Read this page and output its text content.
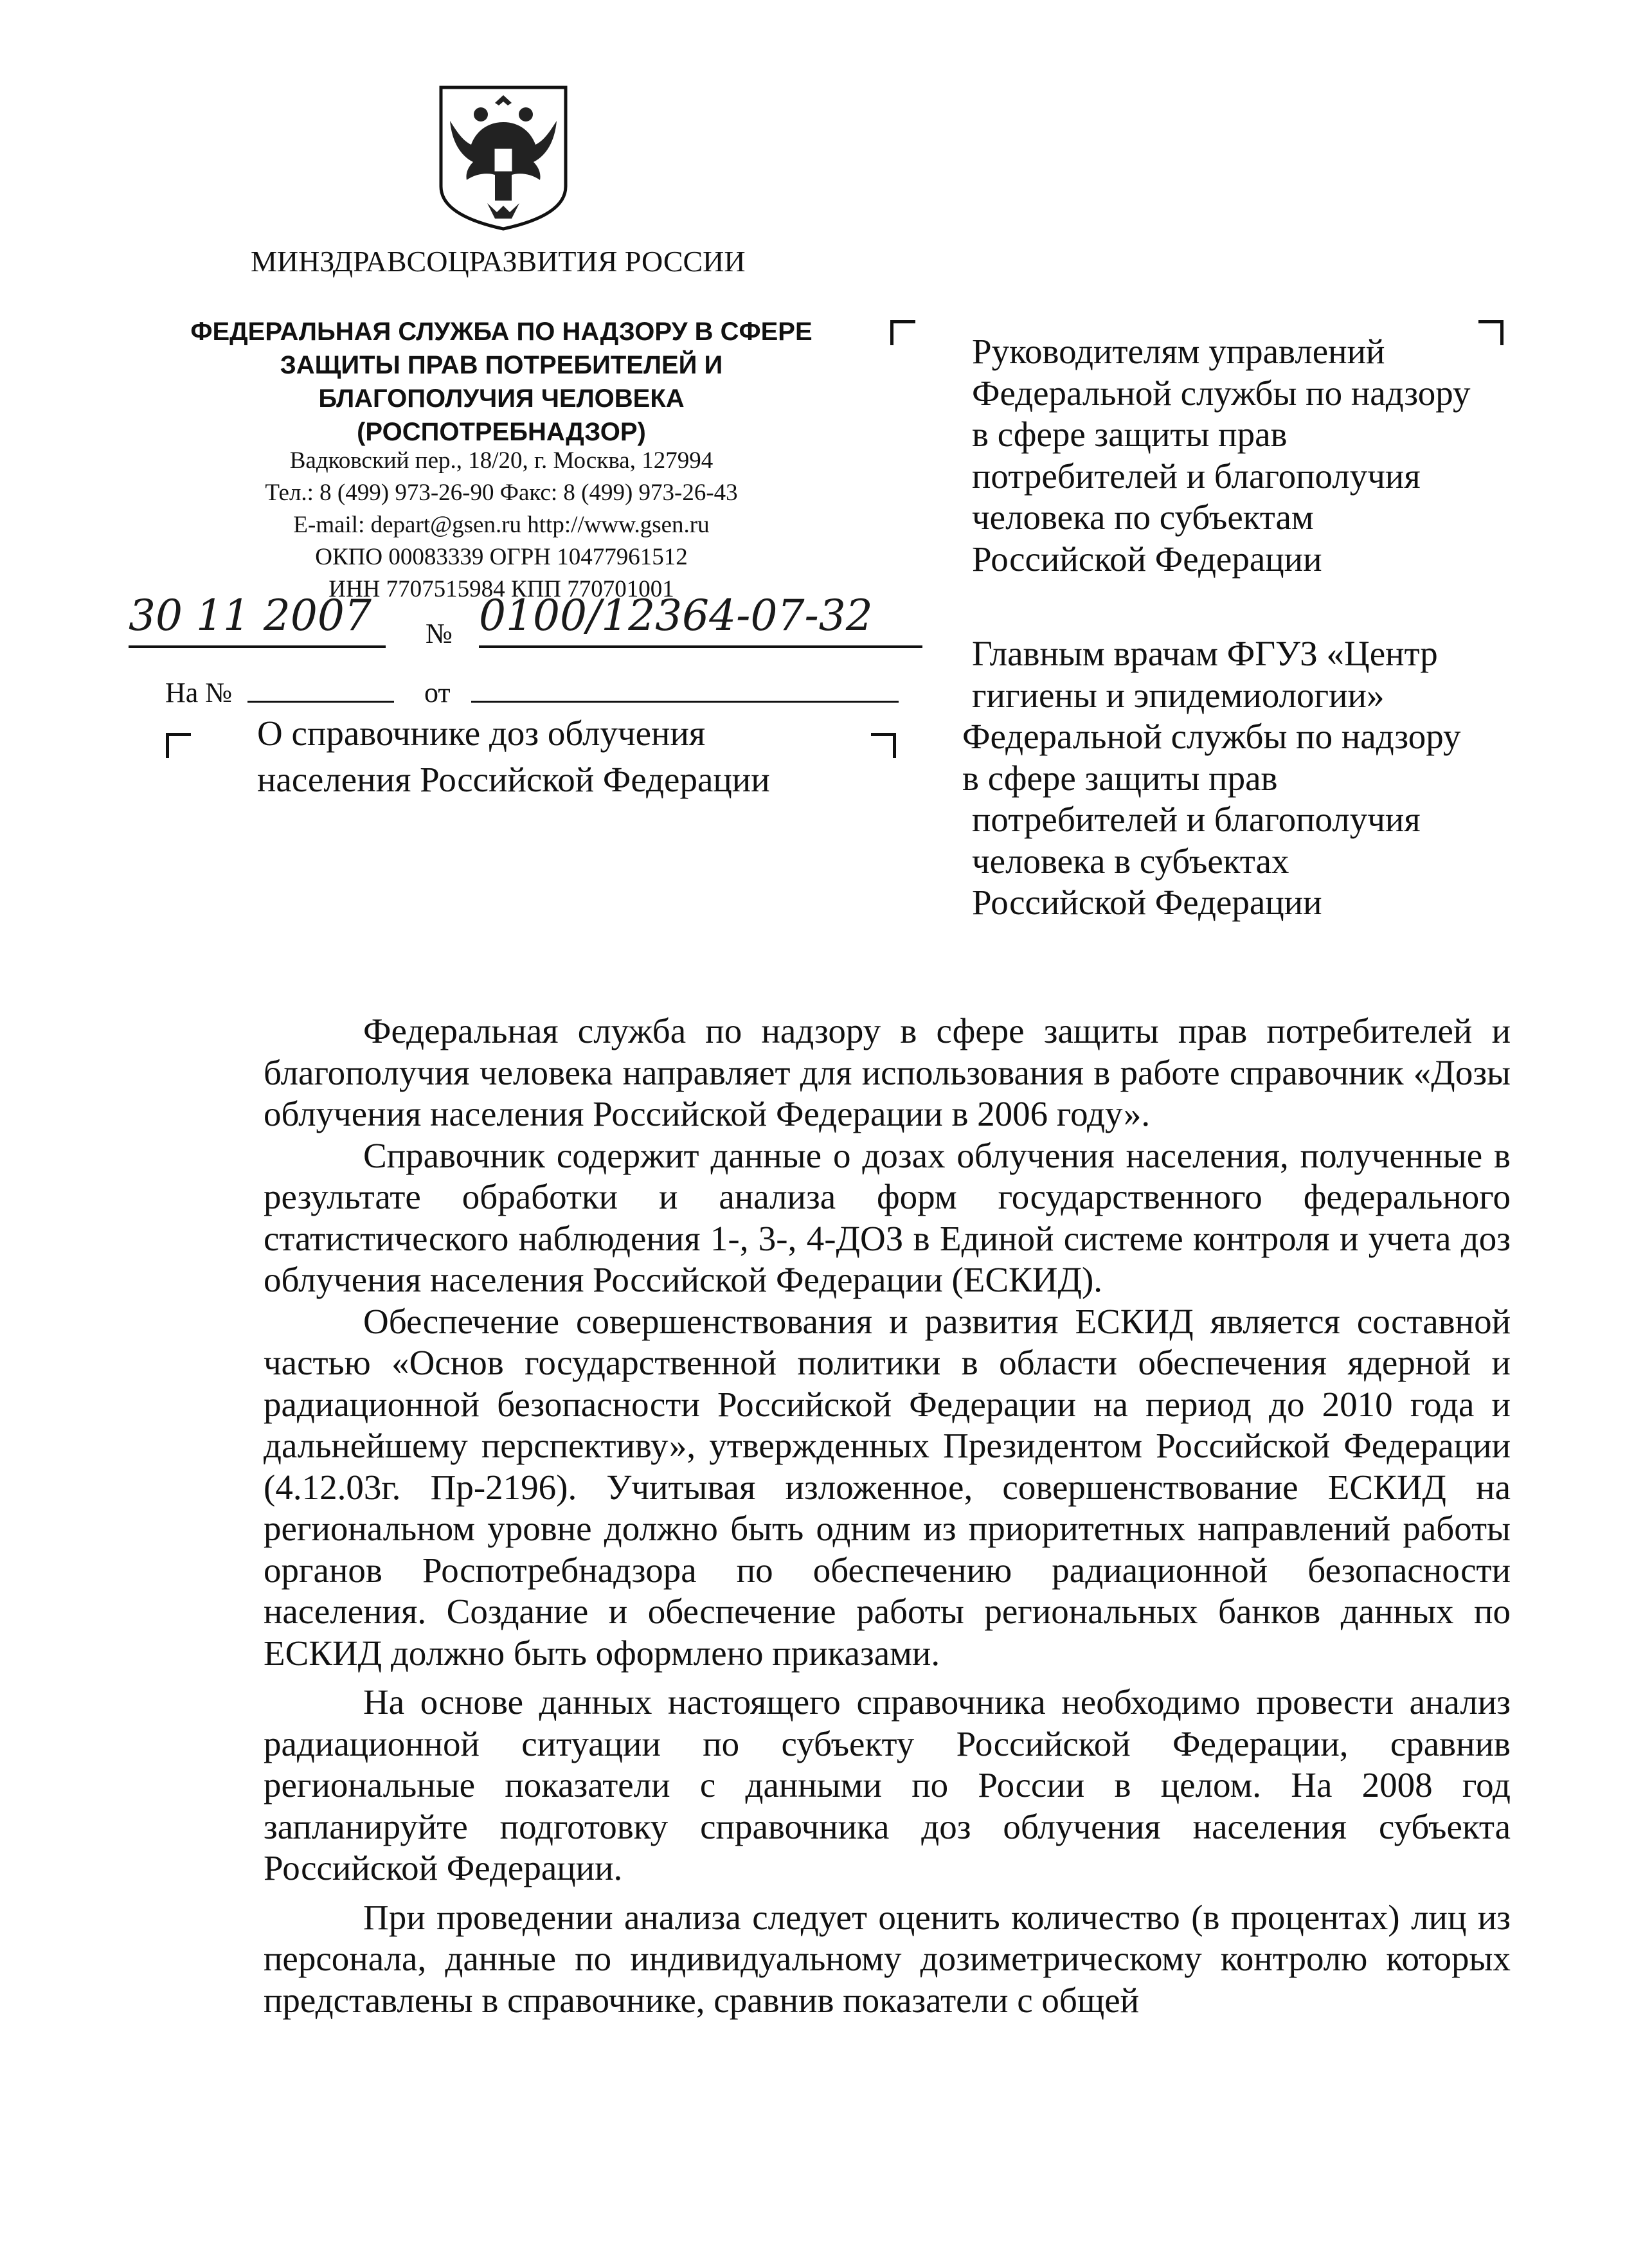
МИНЗДРАВСОЦРАЗВИТИЯ РОССИИ
ФЕДЕРАЛЬНАЯ СЛУЖБА ПО НАДЗОРУ В СФЕРЕ
ЗАЩИТЫ ПРАВ ПОТРЕБИТЕЛЕЙ И
БЛАГОПОЛУЧИЯ ЧЕЛОВЕКА
(РОСПОТРЕБНАДЗОР)
Вадковский пер., 18/20, г. Москва, 127994
Тел.: 8 (499) 973-26-90 Факс: 8 (499) 973-26-43
E-mail: depart@gsen.ru http://www.gsen.ru
ОКПО 00083339 ОГРН 10477961512
ИНН 7707515984 КПП 770701001
30 11 2007	№ 0100/12364-07-32
На №	от
О справочнике доз облучения
населения Российской Федерации
Руководителям управлений
Федеральной службы по надзору
в сфере защиты прав
потребителей и благополучия
человека по субъектам
Российской Федерации
Главным врачам ФГУЗ «Центр
гигиены и эпидемиологии»
Федеральной службы по надзору
в сфере защиты прав
потребителей и благополучия
человека в субъектах
Российской Федерации

Федеральная служба по надзору в сфере защиты прав потребителей и благополучия человека направляет для использования в работе справочник «Дозы облучения населения Российской Федерации в 2006 году».

Справочник содержит данные о дозах облучения населения, полученные в результате обработки и анализа форм государственного федерального статистического наблюдения 1-, 3-, 4-ДОЗ в Единой системе контроля и учета доз облучения населения Российской Федерации (ЕСКИД).

Обеспечение совершенствования и развития ЕСКИД является составной частью «Основ государственной политики в области обеспечения ядерной и радиационной безопасности Российской Федерации на период до 2010 года и дальнейшему перспективу», утвержденных Президентом Российской Федерации (4.12.03г. Пр-2196). Учитывая изложенное, совершенствование ЕСКИД на региональном уровне должно быть одним из приоритетных направлений работы органов Роспотребнадзора по обеспечению радиационной безопасности населения. Создание и обеспечение работы региональных банков данных по ЕСКИД должно быть оформлено приказами.

На основе данных настоящего справочника необходимо провести анализ радиационной ситуации по субъекту Российской Федерации, сравнив региональные показатели с данными по России в целом. На 2008 год запланируйте подготовку справочника доз облучения населения субъекта Российской Федерации.

При проведении анализа следует оценить количество (в процентах) лиц из персонала, данные по индивидуальному дозиметрическому контролю которых представлены в справочнике, сравнив показатели с общей
